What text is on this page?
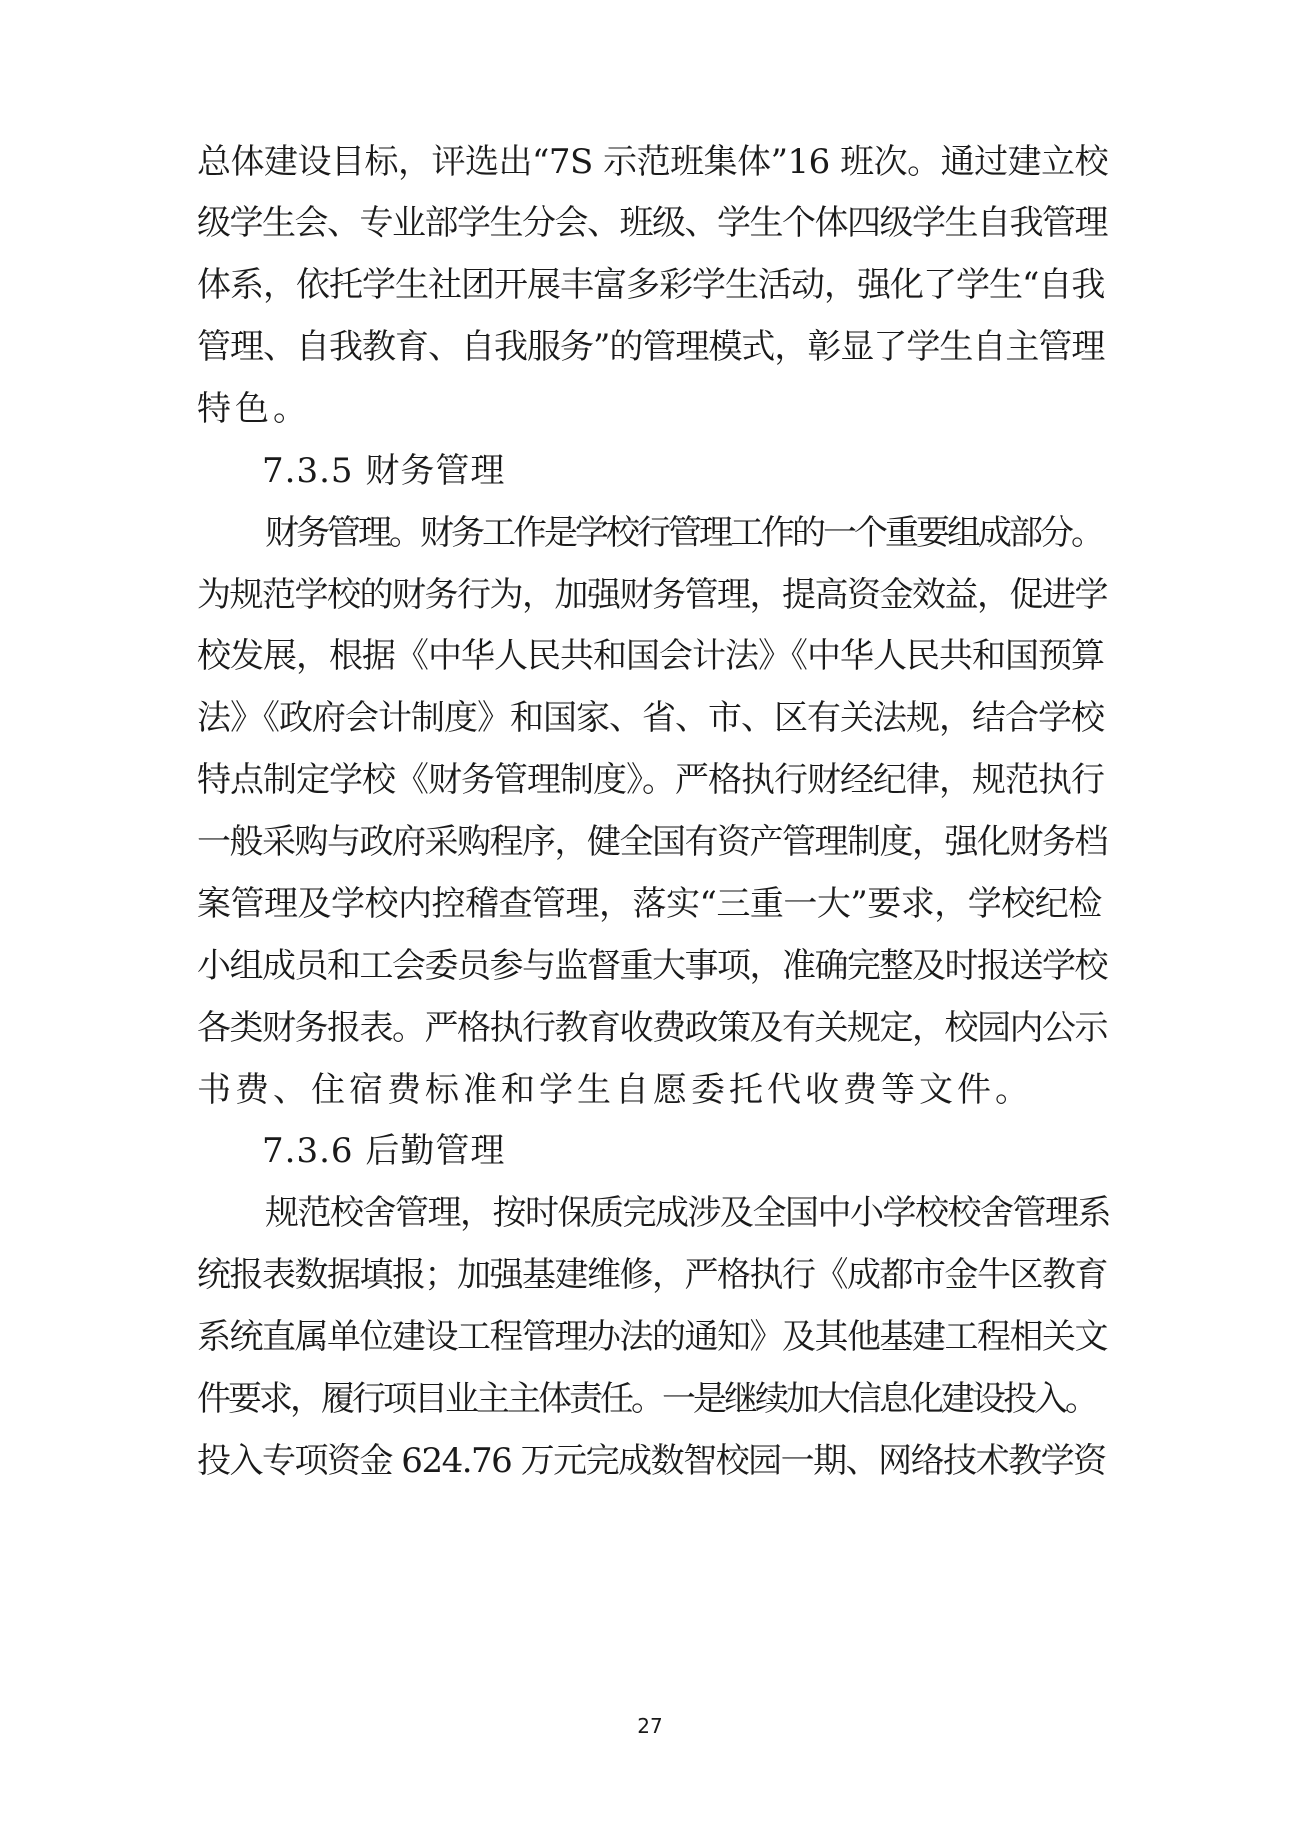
总体建设目标，评选出“7S 示范班集体”16 班次。通过建立校
级学生会、专业部学生分会、班级、学生个体四级学生自我管理
体系，依托学生社团开展丰富多彩学生活动，强化了学生“自我
管理、自我教育、自我服务”的管理模式，彰显了学生自主管理
特色。
7.3.5 财务管理
财务管理。财务工作是学校行管理工作的一个重要组成部分。
为规范学校的财务行为，加强财务管理，提高资金效益，促进学
校发展，根据《中华人民共和国会计法》《中华人民共和国预算
法》《政府会计制度》和国家、省、市、区有关法规，结合学校
特点制定学校《财务管理制度》。严格执行财经纪律，规范执行
一般采购与政府采购程序，健全国有资产管理制度，强化财务档
案管理及学校内控稽查管理，落实“三重一大”要求，学校纪检
小组成员和工会委员参与监督重大事项，准确完整及时报送学校
各类财务报表。严格执行教育收费政策及有关规定，校园内公示
书费、住宿费标准和学生自愿委托代收费等文件。
7.3.6 后勤管理
规范校舍管理，按时保质完成涉及全国中小学校校舍管理系
统报表数据填报；加强基建维修，严格执行《成都市金牛区教育
系统直属单位建设工程管理办法的通知》及其他基建工程相关文
件要求，履行项目业主主体责任。一是继续加大信息化建设投入。
投入专项资金 624.76 万元完成数智校园一期、网络技术教学资
27
